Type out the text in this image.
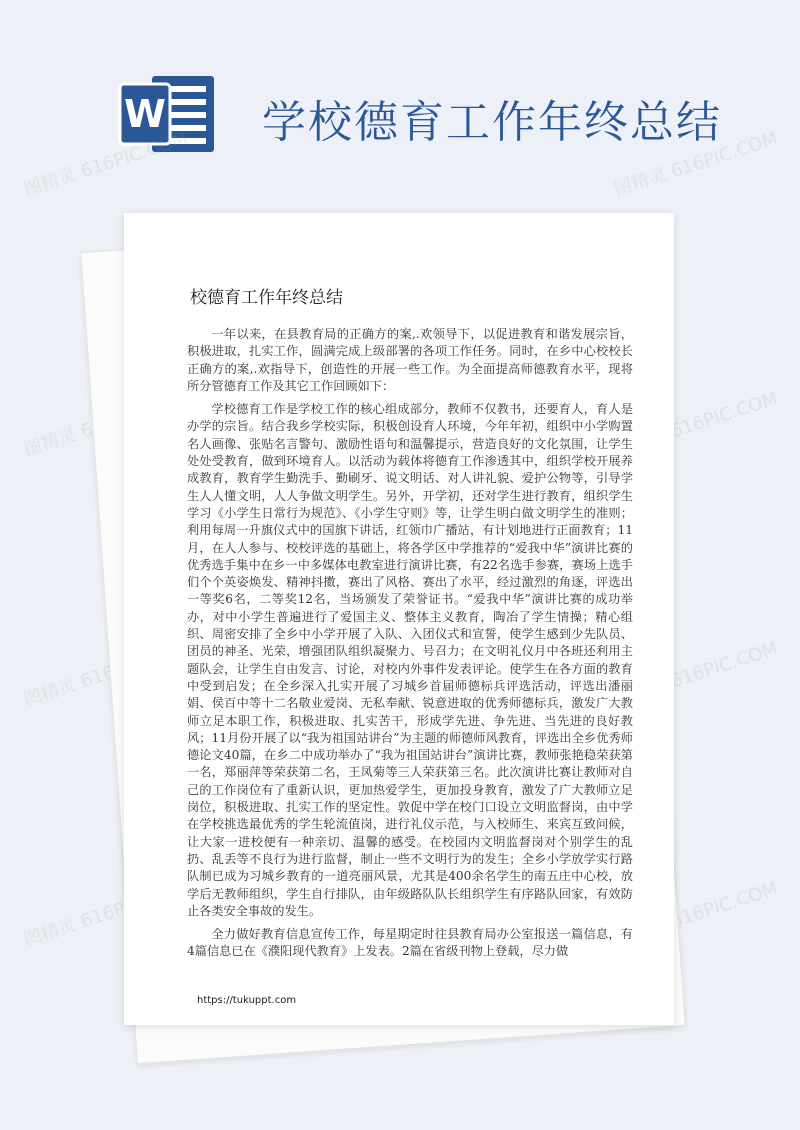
W 学校德育工作年终总结
图精灵 616PIC.COM	图精灵 616PIC.COM
图精灵	图精灵 616PIC.COM
图精灵 616PIC.COM	图精灵 616PIC.COM
图精灵 616PIC.COM	图精灵 616PIC.COM
校德育工作年终总结

一年以来，在县教育局的正确方的案,.欢领导下，以促进教育和谐发展宗旨，积极进取，扎实工作，圆满完成上级部署的各项工作任务。同时，在乡中心校校长正确方的案,.欢指导下，创造性的开展一些工作。为全面提高师德教育水平，现将所分管德育工作及其它工作回顾如下：

学校德育工作是学校工作的核心组成部分，教师不仅教书，还要育人，育人是办学的宗旨。结合我乡学校实际，积极创设育人环境，今年年初，组织中小学购置名人画像、张贴名言警句、激励性语句和温馨提示，营造良好的文化氛围，让学生处处受教育，做到环境育人。以活动为载体将德育工作渗透其中，组织学校开展养成教育，教育学生勤洗手、勤刷牙、说文明话、对人讲礼貌、爱护公物等，引导学生人人懂文明，人人争做文明学生。另外，开学初，还对学生进行教育，组织学生学习《小学生日常行为规范》、《小学生守则》等，让学生明白做文明学生的准则；利用每周一升旗仪式中的国旗下讲话，红领巾广播站，有计划地进行正面教育；11月，在人人参与、校校评选的基础上，将各学区中学推荐的“爱我中华”演讲比赛的优秀选手集中在乡一中多媒体电教室进行演讲比赛，有22名选手参赛，赛场上选手们个个英姿焕发、精神抖擞，赛出了风格、赛出了水平，经过激烈的角逐，评选出一等奖6名，二等奖12名，当场颁发了荣誉证书。“爱我中华”演讲比赛的成功举办，对中小学生普遍进行了爱国主义、整体主义教育，陶冶了学生情操；精心组织、周密安排了全乡中小学开展了入队、入团仪式和宣誓，使学生感到少先队员、团员的神圣、光荣，增强团队组织凝聚力、号召力；在文明礼仪月中各班还利用主题队会，让学生自由发言、讨论，对校内外事件发表评论。使学生在各方面的教育中受到启发；在全乡深入扎实开展了习城乡首届师德标兵评选活动，评选出潘丽娟、侯百中等十二名敬业爱岗、无私奉献、锐意进取的优秀师德标兵，激发广大教师立足本职工作，积极进取、扎实苦干，形成学先进、争先进、当先进的良好教风；11月份开展了以“我为祖国站讲台”为主题的师德师风教育，评选出全乡优秀师德论文40篇，在乡二中成功举办了“我为祖国站讲台”演讲比赛，教师张艳稳荣获第一名，郑丽萍等荣获第二名，王凤菊等三人荣获第三名。此次演讲比赛让教师对自己的工作岗位有了重新认识，更加热爱学生，更加投身教育，激发了广大教师立足岗位，积极进取、扎实工作的坚定性。敦促中学在校门口设立文明监督岗，由中学在学校挑选最优秀的学生轮流值岗，进行礼仪示范，与入校师生、来宾互致问候，让大家一进校便有一种亲切、温馨的感受。在校园内文明监督岗对个别学生的乱扔、乱丢等不良行为进行监督，制止一些不文明行为的发生；全乡小学放学实行路队制已成为习城乡教育的一道亮丽风景，尤其是400余名学生的南五庄中心校，放学后无教师组织，学生自行排队，由年级路队队长组织学生有序路队回家，有效防止各类安全事故的发生。

全力做好教育信息宣传工作，每星期定时往县教育局办公室报送一篇信息，有4篇信息已在《濮阳现代教育》上发表。2篇在省级刊物上登载，尽力做

https://tukuppt.com
